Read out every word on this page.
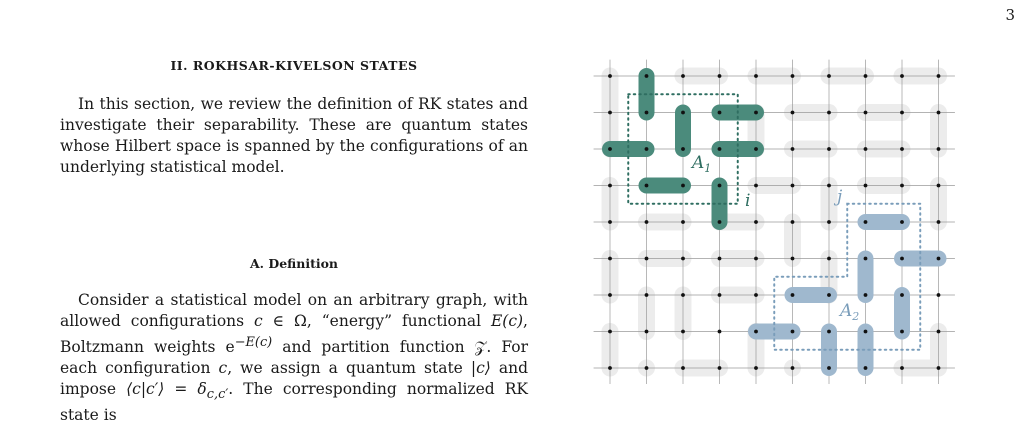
3
II. ROKHSAR-KIVELSON STATES

In this section, we review the definition of RK states and investigate their separability. These are quantum states whose Hilbert space is spanned by the configurations of an underlying statistical model.

A. Definition

Consider a statistical model on an arbitrary graph, with allowed configurations c ∈ Ω, “energy” functional E(c), Boltzmann weights $e^{-E(c)}$ and partition function 𝒵. For each configuration c, we assign a quantum state |c⟩ and impose ⟨c|c′⟩ = $\delta_{c,c'}$. The corresponding normalized RK state is

$A_1$
$A_2$
i	j
